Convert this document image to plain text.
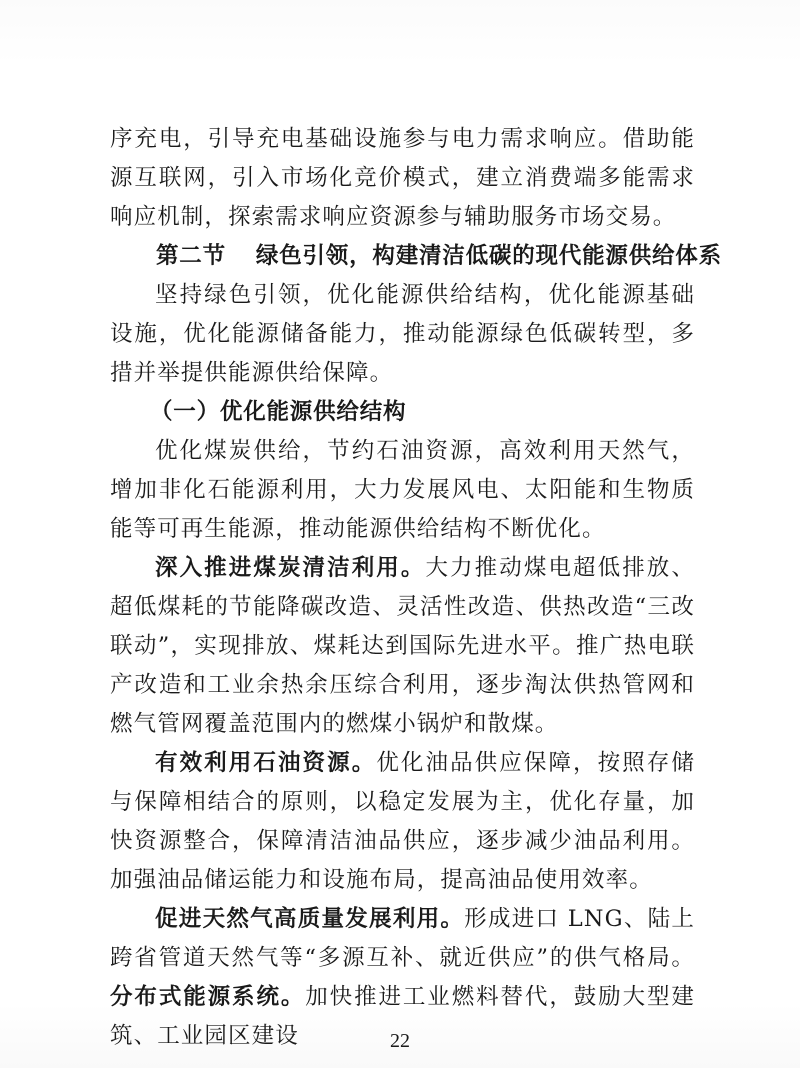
序充电，引导充电基础设施参与电力需求响应。借助能源互联网，引入市场化竞价模式，建立消费端多能需求响应机制，探索需求响应资源参与辅助服务市场交易。

第二节 绿色引领，构建清洁低碳的现代能源供给体系

坚持绿色引领，优化能源供给结构，优化能源基础设施，优化能源储备能力，推动能源绿色低碳转型，多措并举提供能源供给保障。

（一）优化能源供给结构

优化煤炭供给，节约石油资源，高效利用天然气，增加非化石能源利用，大力发展风电、太阳能和生物质能等可再生能源，推动能源供给结构不断优化。

深入推进煤炭清洁利用。大力推动煤电超低排放、超低煤耗的节能降碳改造、灵活性改造、供热改造“三改联动”，实现排放、煤耗达到国际先进水平。推广热电联产改造和工业余热余压综合利用，逐步淘汰供热管网和燃气管网覆盖范围内的燃煤小锅炉和散煤。

有效利用石油资源。优化油品供应保障，按照存储与保障相结合的原则，以稳定发展为主，优化存量，加快资源整合，保障清洁油品供应，逐步减少油品利用。加强油品储运能力和设施布局，提高油品使用效率。

促进天然气高质量发展利用。形成进口 LNG、陆上跨省管道天然气等“多源互补、就近供应”的供气格局。分布式能源系统。加快推进工业燃料替代，鼓励大型建筑、工业园区建设	22
